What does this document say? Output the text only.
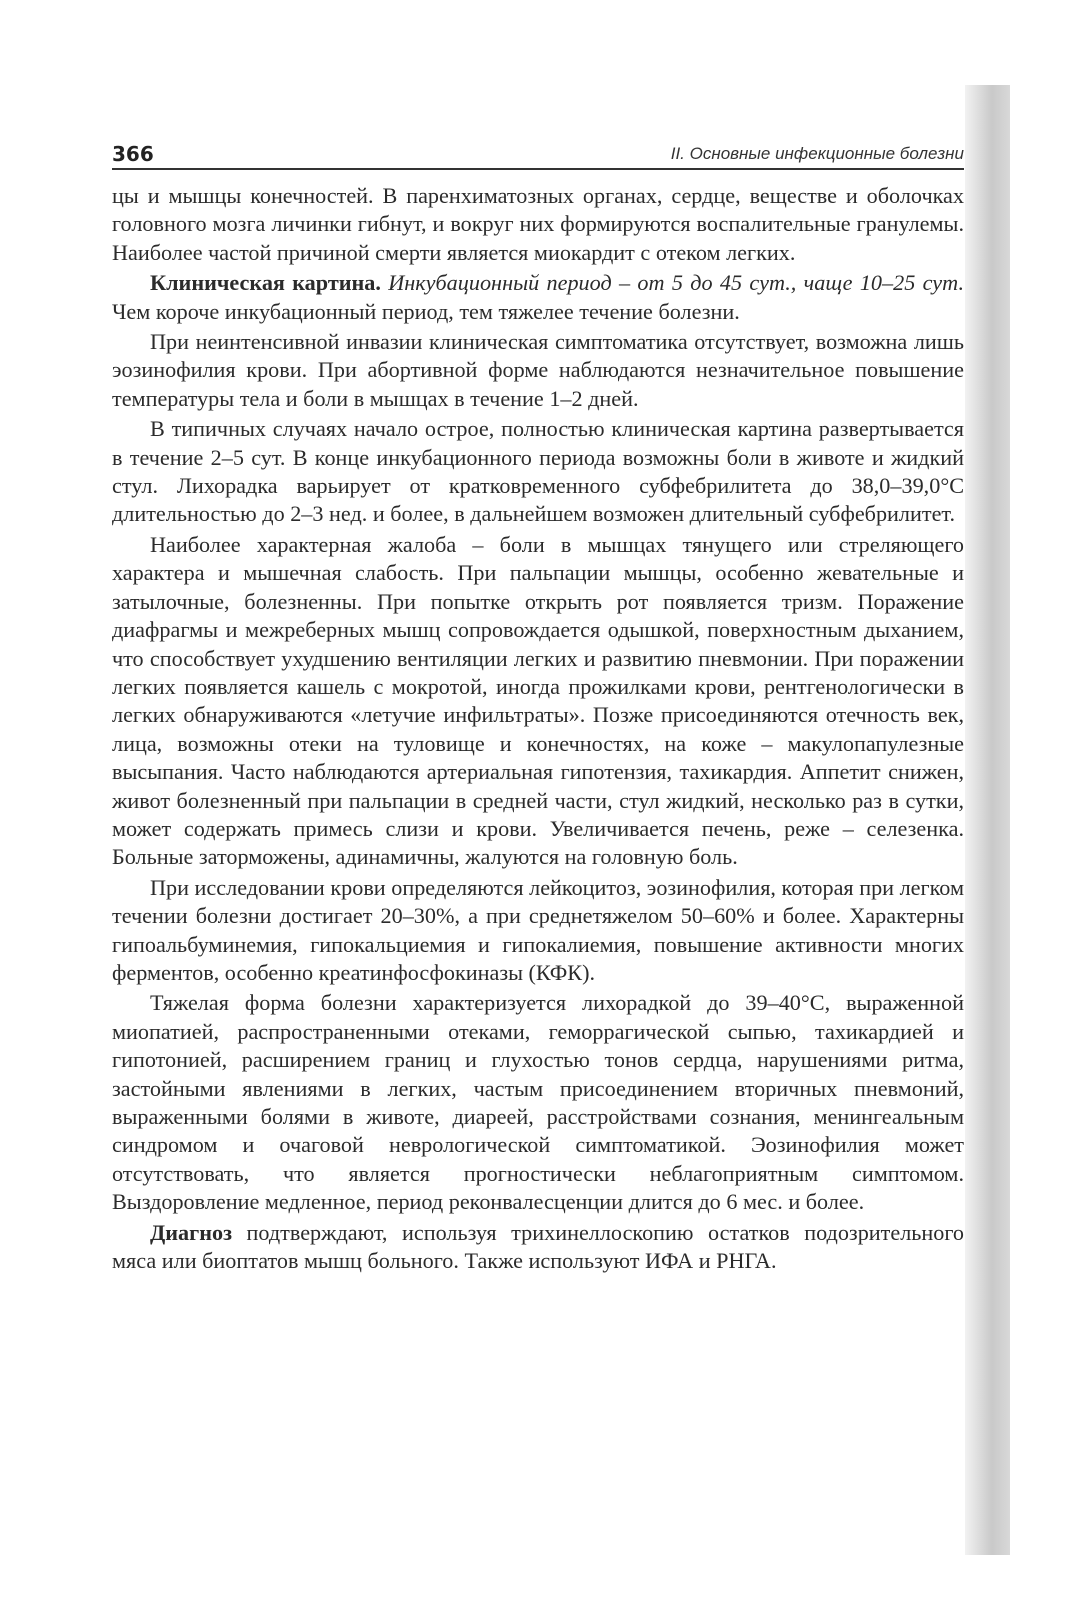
366	II. Основные инфекционные болезни

цы и мышцы конечностей. В паренхиматозных органах, сердце, веществе и оболочках головного мозга личинки гибнут, и вокруг них формируются воспалительные гранулемы. Наиболее частой причиной смерти является миокардит с отеком легких.

Клиническая картина. Инкубационный период – от 5 до 45 сут., чаще 10–25 сут. Чем короче инкубационный период, тем тяжелее течение болезни.

При неинтенсивной инвазии клиническая симптоматика отсутствует, возможна лишь эозинофилия крови. При абортивной форме наблюдаются незначительное повышение температуры тела и боли в мышцах в течение 1–2 дней.

В типичных случаях начало острое, полностью клиническая картина развертывается в течение 2–5 сут. В конце инкубационного периода возможны боли в животе и жидкий стул. Лихорадка варьирует от кратковременного субфебрилитета до 38,0–39,0°С длительностью до 2–3 нед. и более, в дальнейшем возможен длительный субфебрилитет.

Наиболее характерная жалоба – боли в мышцах тянущего или стреляющего характера и мышечная слабость. При пальпации мышцы, особенно жевательные и затылочные, болезненны. При попытке открыть рот появляется тризм. Поражение диафрагмы и межреберных мышц сопровождается одышкой, поверхностным дыханием, что способствует ухудшению вентиляции легких и развитию пневмонии. При поражении легких появляется кашель с мокротой, иногда прожилками крови, рентгенологически в легких обнаруживаются «летучие инфильтраты». Позже присоединяются отечность век, лица, возможны отеки на туловище и конечностях, на коже – макулопапулезные высыпания. Часто наблюдаются артериальная гипотензия, тахикардия. Аппетит снижен, живот болезненный при пальпации в средней части, стул жидкий, несколько раз в сутки, может содержать примесь слизи и крови. Увеличивается печень, реже – селезенка. Больные заторможены, адинамичны, жалуются на головную боль.

При исследовании крови определяются лейкоцитоз, эозинофилия, которая при легком течении болезни достигает 20–30%, а при среднетяжелом 50–60% и более. Характерны гипоальбуминемия, гипокальциемия и гипокалиемия, повышение активности многих ферментов, особенно креатинфосфокиназы (КФК).

Тяжелая форма болезни характеризуется лихорадкой до 39–40°С, выраженной миопатией, распространенными отеками, геморрагической сыпью, тахикардией и гипотонией, расширением границ и глухостью тонов сердца, нарушениями ритма, застойными явлениями в легких, частым присоединением вторичных пневмоний, выраженными болями в животе, диареей, расстройствами сознания, менингеальным синдромом и очаговой неврологической симптоматикой. Эозинофилия может отсутствовать, что является прогностически неблагоприятным симптомом. Выздоровление медленное, период реконвалесценции длится до 6 мес. и более.

Диагноз подтверждают, используя трихинеллоскопию остатков подозрительного мяса или биоптатов мышц больного. Также используют ИФА и РНГА.
